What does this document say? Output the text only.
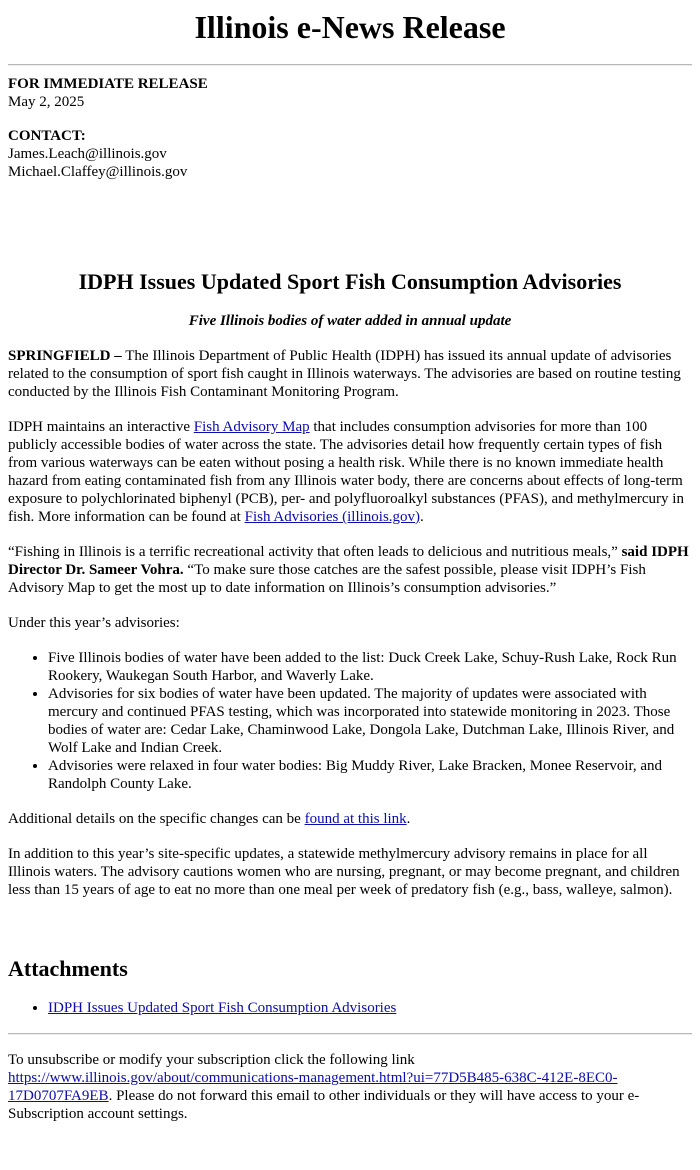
Illinois e-News Release
FOR IMMEDIATE RELEASE
May 2, 2025
CONTACT:
James.Leach@illinois.gov
Michael.Claffey@illinois.gov
IDPH Issues Updated Sport Fish Consumption Advisories
Five Illinois bodies of water added in annual update

SPRINGFIELD – The Illinois Department of Public Health (IDPH) has issued its annual update of advisories related to the consumption of sport fish caught in Illinois waterways. The advisories are based on routine testing conducted by the Illinois Fish Contaminant Monitoring Program.

IDPH maintains an interactive Fish Advisory Map that includes consumption advisories for more than 100 publicly accessible bodies of water across the state. The advisories detail how frequently certain types of fish from various waterways can be eaten without posing a health risk. While there is no known immediate health hazard from eating contaminated fish from any Illinois water body, there are concerns about effects of long-term exposure to polychlorinated biphenyl (PCB), per- and polyfluoroalkyl substances (PFAS), and methylmercury in fish. More information can be found at Fish Advisories (illinois.gov).

“Fishing in Illinois is a terrific recreational activity that often leads to delicious and nutritious meals,” said IDPH Director Dr. Sameer Vohra. “To make sure those catches are the safest possible, please visit IDPH’s Fish Advisory Map to get the most up to date information on Illinois’s consumption advisories.”

Under this year’s advisories:

• Five Illinois bodies of water have been added to the list: Duck Creek Lake, Schuy-Rush Lake, Rock Run Rookery, Waukegan South Harbor, and Waverly Lake.
• Advisories for six bodies of water have been updated. The majority of updates were associated with mercury and continued PFAS testing, which was incorporated into statewide monitoring in 2023. Those bodies of water are: Cedar Lake, Chaminwood Lake, Dongola Lake, Dutchman Lake, Illinois River, and Wolf Lake and Indian Creek.
• Advisories were relaxed in four water bodies: Big Muddy River, Lake Bracken, Monee Reservoir, and Randolph County Lake.

Additional details on the specific changes can be found at this link.

In addition to this year’s site-specific updates, a statewide methylmercury advisory remains in place for all Illinois waters. The advisory cautions women who are nursing, pregnant, or may become pregnant, and children less than 15 years of age to eat no more than one meal per week of predatory fish (e.g., bass, walleye, salmon).

Attachments
• IDPH Issues Updated Sport Fish Consumption Advisories

To unsubscribe or modify your subscription click the following link
https://www.illinois.gov/about/communications-management.html?ui=77D5B485-638C-412E-8EC0-17D0707FA9EB. Please do not forward this email to other individuals or they will have access to your e-Subscription account settings.
